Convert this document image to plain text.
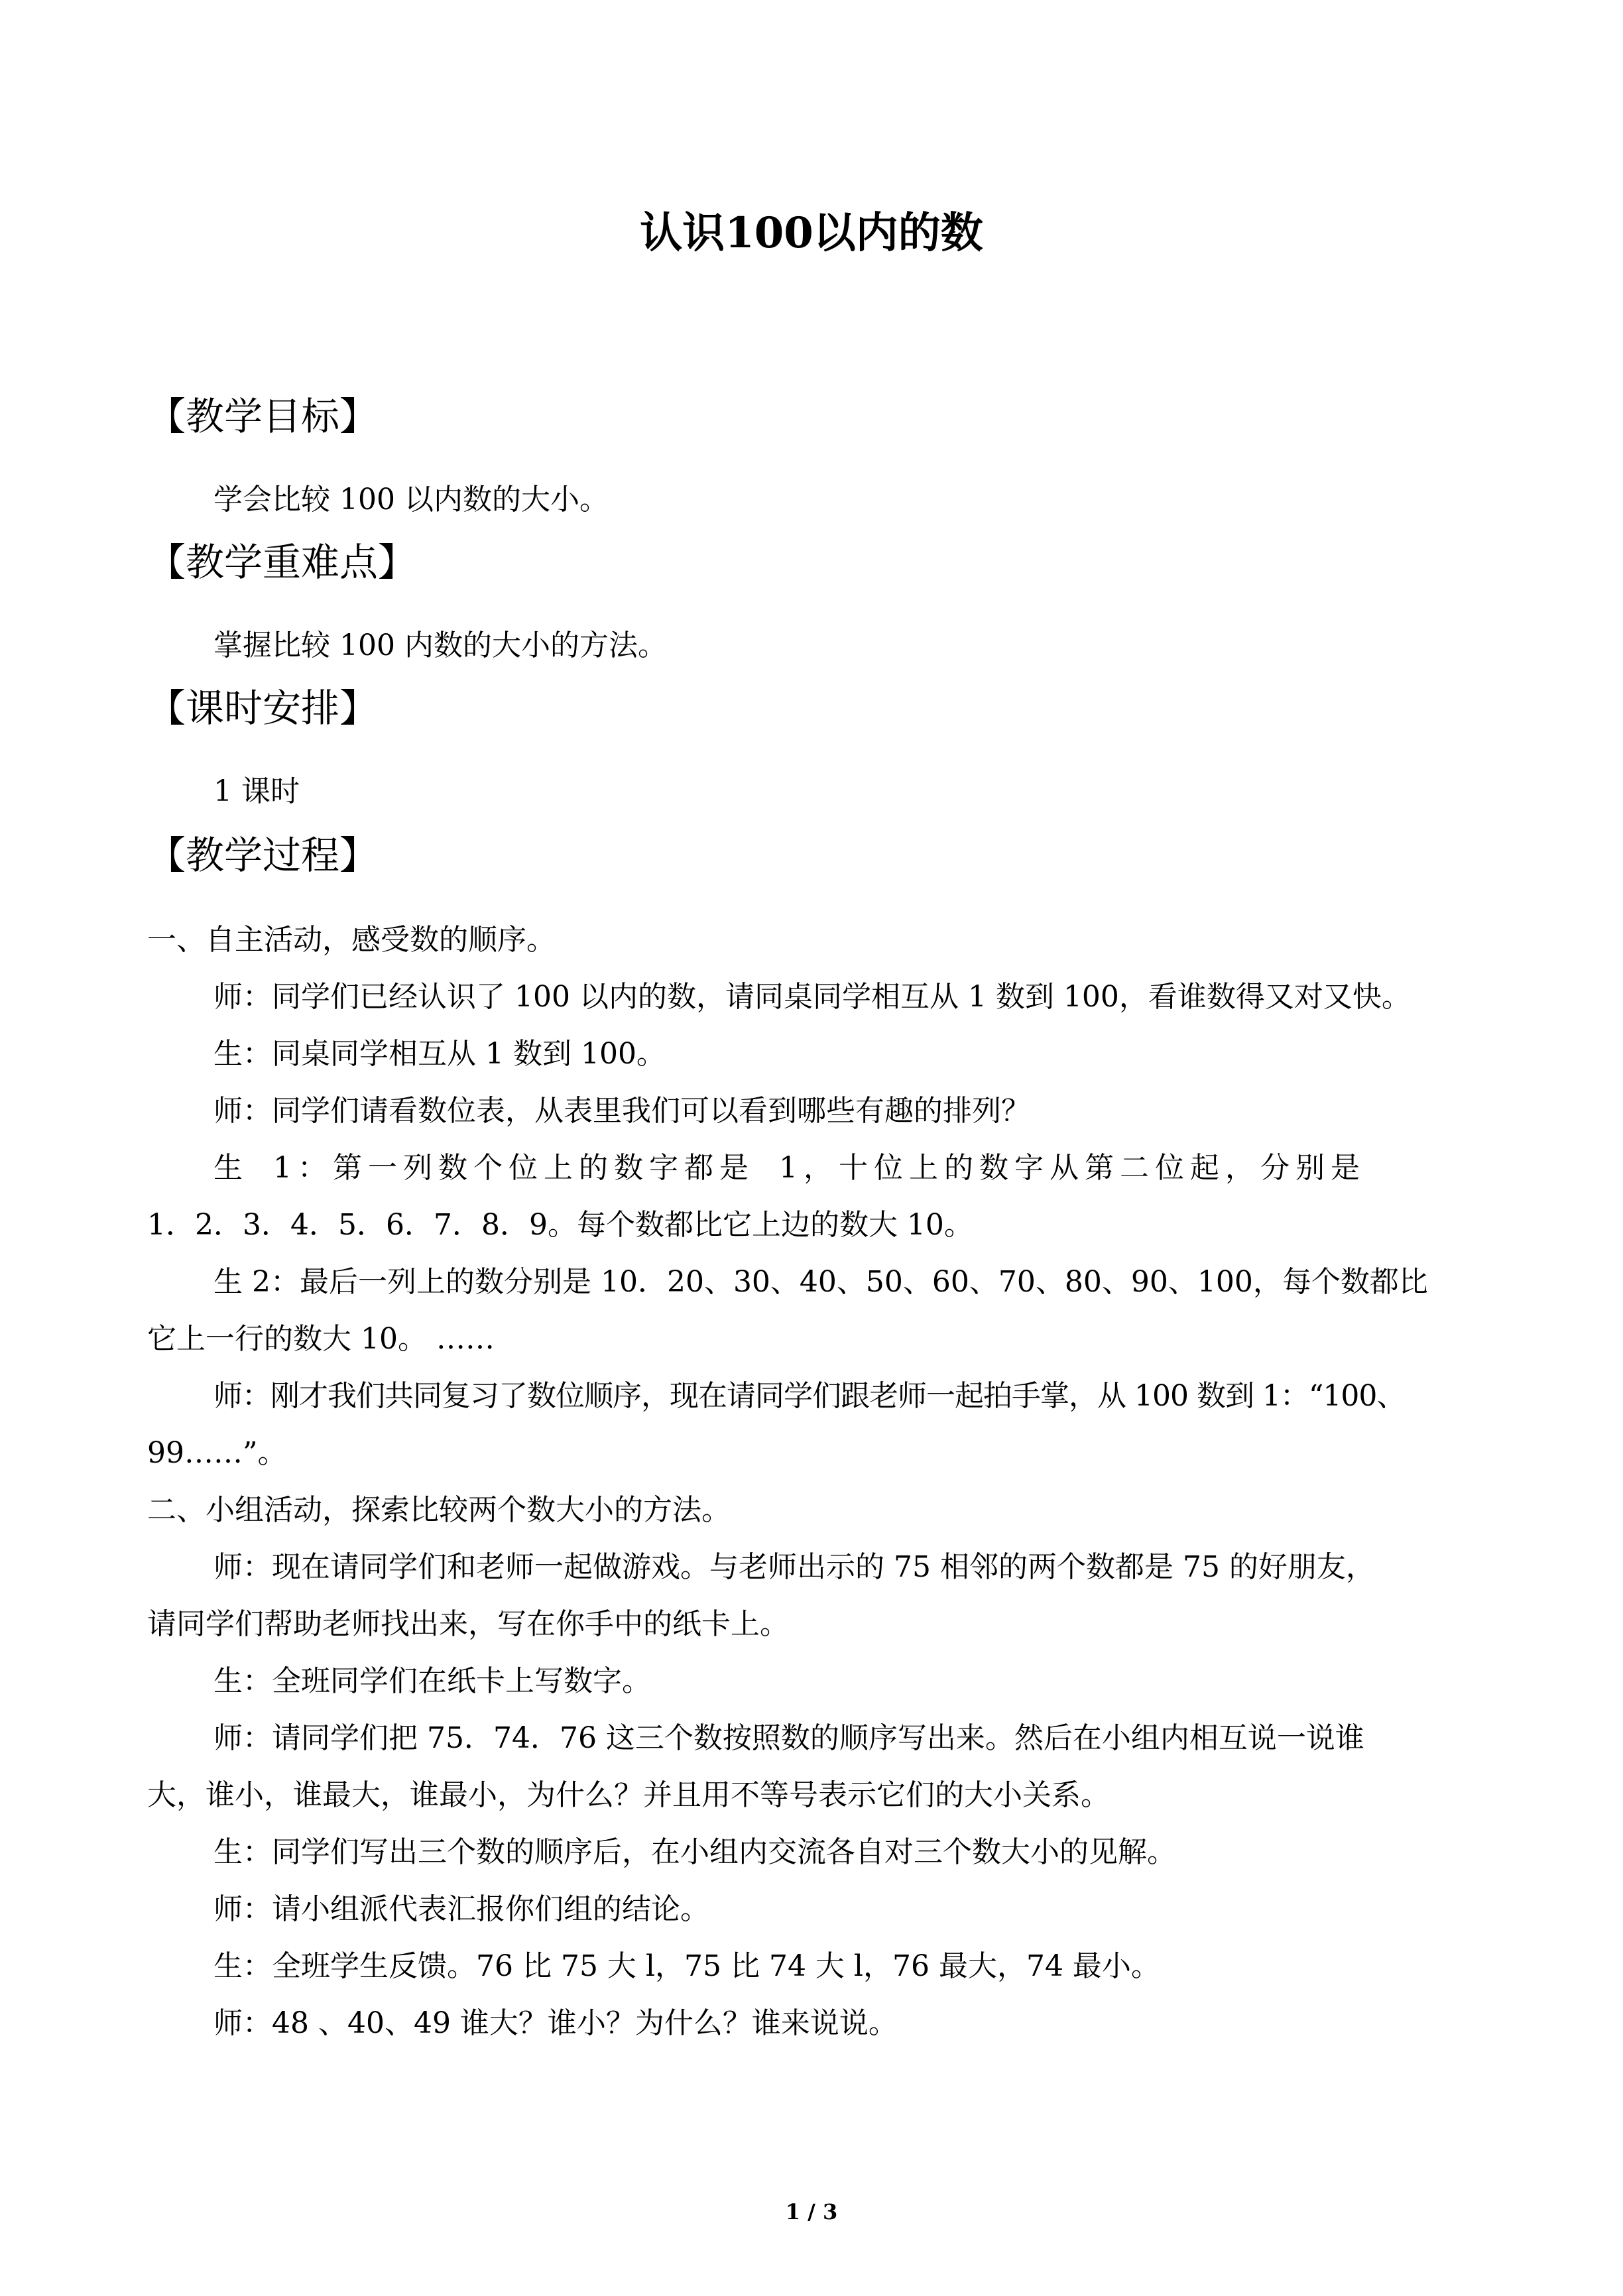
认识100以内的数
【教学目标】

学会比较 100 以内数的大小。

【教学重难点】

掌握比较 100 内数的大小的方法。

【课时安排】

1 课时

【教学过程】

一、自主活动，感受数的顺序。

师：同学们已经认识了 100 以内的数，请同桌同学相互从 1 数到 100，看谁数得又对又快。

生：同桌同学相互从 1 数到 100。

师：同学们请看数位表，从表里我们可以看到哪些有趣的排列？

生 1：第一列数个位上的数字都是 1，十位上的数字从第二位起，分别是

1．2．3．4．5．6．7．8．9。每个数都比它上边的数大 10。

生 2：最后一列上的数分别是 10．20、30、40、50、60、70、80、90、100，每个数都比

它上一行的数大 10。 ……

师：刚才我们共同复习了数位顺序，现在请同学们跟老师一起拍手掌，从 100 数到 1：“100、

99……”。

二、小组活动，探索比较两个数大小的方法。

师：现在请同学们和老师一起做游戏。与老师出示的 75 相邻的两个数都是 75 的好朋友，

请同学们帮助老师找出来，写在你手中的纸卡上。

生：全班同学们在纸卡上写数字。

师：请同学们把 75．74．76 这三个数按照数的顺序写出来。然后在小组内相互说一说谁

大，谁小，谁最大，谁最小，为什么？并且用不等号表示它们的大小关系。

生：同学们写出三个数的顺序后，在小组内交流各自对三个数大小的见解。

师：请小组派代表汇报你们组的结论。

生：全班学生反馈。76 比 75 大 l，75 比 74 大 l，76 最大，74 最小。

师：48 、40、49 谁大？谁小？为什么？谁来说说。

1 / 3
